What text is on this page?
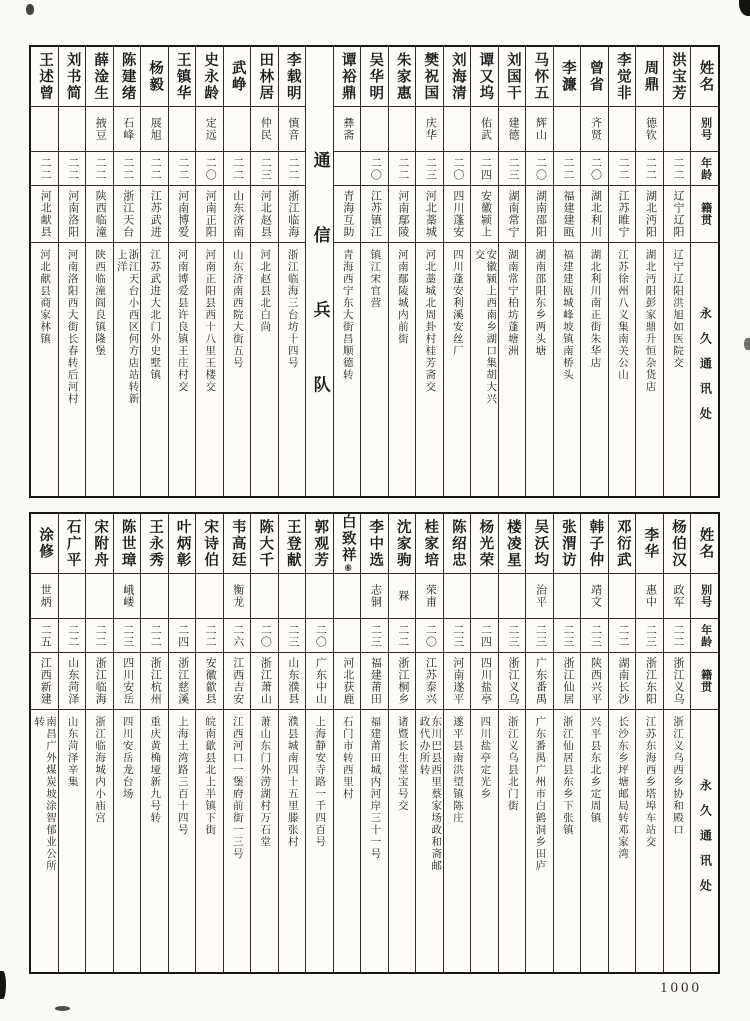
王述曾
二二
河北献县
河北献县商家林镇
刘书简
二二
河南洛阳
河南洛阳西大街长春转后河村
薛淦生
掖豆
二二
陕西临潼
陕西临潼阎良镇隆堡
陈建绪
石峰
二二
浙江天台
浙江天台小西区何方店站转新上洋
杨毅
展旭
二二
江苏武进
江苏武进大北门外史墅镇
王镇华
二二
河南博爱
河南博爱县许良镇王庄村交
史永龄
定远
二〇
河南正阳
河南正阳县西十八里王楼交
武峥
二二
山东济南
山东济南西院大街五号
田林居
仲民
二三
河北赵县
河北赵县北白尚
李载明
慎音
二二
浙江临海
浙江临海三台坊十四号 通信兵队
谭裕鼎
彝斋
青海互助
青海西宁东大街昌顺德转
吴华明
二〇
江苏镇江
镇江宋官营
朱家惠
二二
河南鄢陵
河南鄢陵城内前街
樊祝国
庆华
二三
河北藁城
河北藁城北周卦村桂芳斋交
刘海清
二〇
四川蓬安
四川蓬安利溪安丝厂
谭又坞
佑武
二四
安徽颍上
安徽颍上西南乡湖口集胡大兴交
刘国干
建德
二三
湖南常宁
湖南常宁柏坊蓬塘洲
马怀五
辉山
二〇
湖南邵阳
湖南邵阳东乡两头塘
李濂
二二
福建建瓯
福建建瓯城峰坡镇南桥头
曾省
齐贤
二〇
湖北利川
湖北利川南正街朱华店
李觉非
二二
江苏睢宁
江苏徐州八义集南关公山
周鼎
德钦
二二
湖北沔阳
湖北沔阳彭家鼎升恒杂货店
洪宝芳
二二
辽宁辽阳
辽宁辽阳洪旭如医院交
姓名
别号
年龄
籍贯
永久通讯处
涂修
世炳
二五
江西新建
南昌广外煤炭坡涂智郁业公所转
石广平
二二
山东菏泽
山东菏泽辛集
宋附舟
二二
浙江临海
浙江临海城内小庙宫
陈世璋
峨嵝
二三
四川安岳
四川安岳龙台场
王永秀
二二
浙江杭州
重庆黄桷垭新九号转
叶炳彰
二四
浙江慈溪
上海土湾路三百十四号
宋诗伯
二二
安徽歙县
皖南歙县北上半镇下街
韦高廷
衡龙
二六
江西吉安
江西河口一堡府前街一三号
陈大千
二〇
浙江萧山
萧山东门外涝湖村万石堂
王登献
二三
山东濮县
濮县城南四十五里滕张村
郭观芳
二〇
广东中山
上海静安寺路一千四百号
白致祥⑥
河北获鹿
石门市转西里村
李中选
志铜
二三
福建莆田
福建莆田城内河岸三十一号
沈家驹
槑
二二
浙江桐乡
诸暨长生堂宝号交
桂家培
荣甫
二〇
江苏泰兴
东川巴县西里蔡家场政和斋邮政代办所转
陈绍忠
二三
河南遂平
遂平县南洪望镇陈庄
杨光荣
二四
四川盐亭
四川盐亭定光乡
楼凌星
二三
浙江义乌
浙江义乌县北门街
吴沃均
治平
二三
广东番禺
广东番禺广州市白鹤洞乡田庐
张渭访
二三
浙江仙居
浙江仙居县东乡下张镇
韩子仲
靖文
二三
陕西兴平
兴平县东北乡定周镇
邓衍武
二二
湖南长沙
长沙东乡坪塘邮局转邓家湾
李华
惠中
二三
浙江东阳
江苏东海西乡塔埠车站交
杨伯汉
政军
二二
浙江义乌
浙江义乌西乡协和殿口
姓名
别号
年龄
籍贯
永久通讯处
1000
